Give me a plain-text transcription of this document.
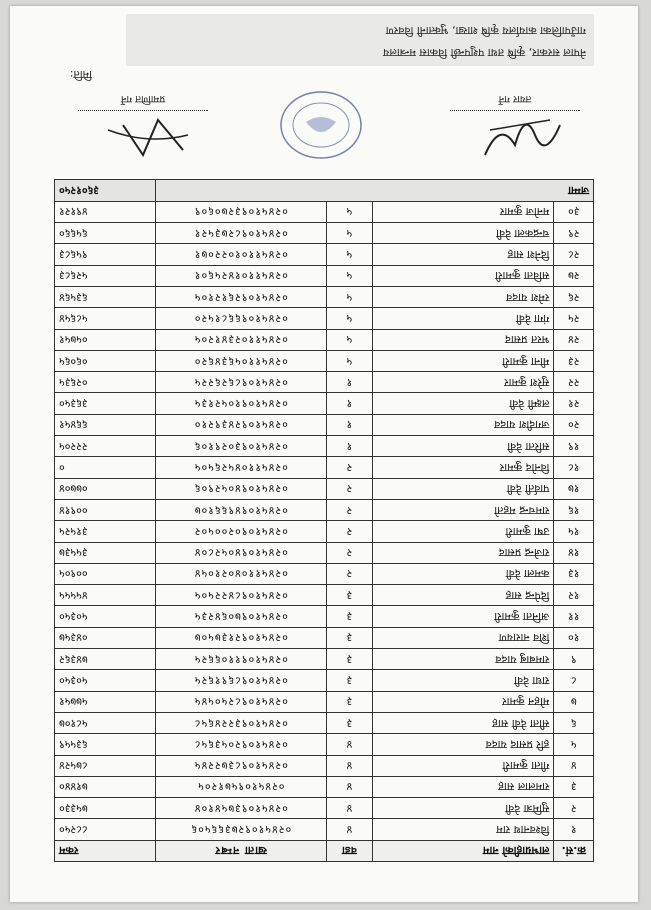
नेपाल सरकार, कृषि तथा पशुपन्छी विकास मन्त्रालय
गाउँपालिका कार्यालय कृषि शाखा, भुक्तानी विवरण
मिति:
तयार गर्ने
प्रमाणित गर्ने
क्र.सं.	लाभग्राहीको नाम	वडा	खाता नम्बर	रकम
१	विश्वनाथ राम	४	०२४५१०९२७३६६५०६	८८२५०
२	सुमित्रा देवी	४	०२४५१०९३७५४१०४	७५३३०
३	रामलाल साह	४	०२४५१०९५७१२०५	७१४४०
४	गीता कुमारी	४	०२४५१०९८३७२२४५	८७५२४
५	हरि प्रसाद यादव	४	०२४५१०९२०५३६५८	६३५५९
६	सीता देवी साह	३	०२४५१०९३२२४६५८	५८१०७
७	मोहन कुमार	३	०२४५१०९८२५०५४५	५७७५१
८	राधा देवी	३	०२४५१०९८६९१६२५	५०३५०
९	रामबाबु यादव	३	०२४५१०९११०६६२५	७४३६२
१०	शिव नारायण	३	०२४५१०९२१३७५०७	०४३५७
११	अनिता कुमारी	३	०२४५१०९७०६४२३५	५०३५०
१२	दिपेन्द्र साह	३	०२४५१०९८४२२५०५	४५५५५
१३	कमला देवी	२	०२४५११०४०२१०५४	००९०५
१४	राजेन्द्र प्रसाद	२	०२४५१०९४०५२८०४	३५५३७
१५	उषा कुमारी	२	०२४५१०९०२००५०२	३१५२५
१६	रामचन्द्र महतो	२	०२४५१०९४९६६१०७	००९१४
१७	पार्वती देवी	२	०२४५१०९४०५२९०६	०७७०४
१८	विनोद कुमार	२	०२४५११०४५२६५०५	०
१९	सरिता देवी	१	०२४५१०९३०२९१०६	२२२०५
२०	जगदीश यादव	१	०२४५१०९२४३९२१०	६६४५१
२१	लक्ष्मी देवी	१	०२४५१०९१०५२१३५	३६३५०
२२	सुरेश कुमार	१	०२४५१०९८६२६२२५	०२६३५
२३	मीना कुमारी	५	०२४५११०५६३४६२०	०६०६५
२४	भरत प्रसाद	५	०२४५११०२३४१२०५	०५७५१
२५	गंगा देवी	५	०२४५१०९६६८१५२०	५८६५४
२६	रमेश यादव	५	०२४५१०९२६१२१०५	६३५६४
२७	सविता कुमारी	५	०२४५११०१४२५६०१	५२६८३
२८	दिनेश साह	५	०२४५११०१०२२०७१	९५६८३
२९	चन्द्रकला देवी	५	०२४५१०९८२७३५२१	६५६६०
३०	मनोज कुमार	५	०२४५१०९३२७०६०९	४९१२१
जम्मा				३६०१२५०
